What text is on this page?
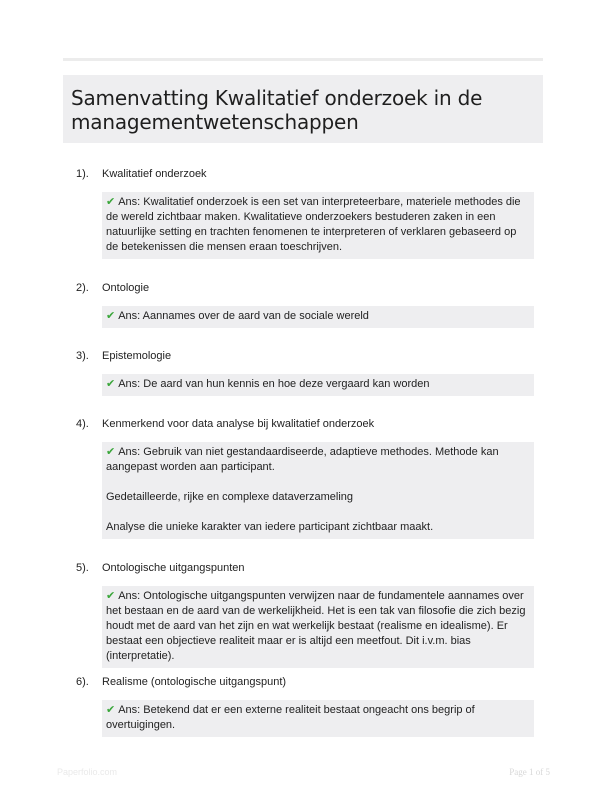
Samenvatting Kwalitatief onderzoek in de managementwetenschappen
1). Kwalitatief onderzoek

✔ Ans: Kwalitatief onderzoek is een set van interpreteerbare, materiele methodes die de wereld zichtbaar maken. Kwalitatieve onderzoekers bestuderen zaken in een natuurlijke setting en trachten fenomenen te interpreteren of verklaren gebaseerd op de betekenissen die mensen eraan toeschrijven.

2). Ontologie

✔ Ans: Aannames over de aard van de sociale wereld

3). Epistemologie

✔ Ans: De aard van hun kennis en hoe deze vergaard kan worden

4). Kenmerkend voor data analyse bij kwalitatief onderzoek

✔ Ans: Gebruik van niet gestandaardiseerde, adaptieve methodes. Methode kan aangepast worden aan participant.

Gedetailleerde, rijke en complexe dataverzameling

Analyse die unieke karakter van iedere participant zichtbaar maakt.

5). Ontologische uitgangspunten

✔ Ans: Ontologische uitgangspunten verwijzen naar de fundamentele aannames over het bestaan en de aard van de werkelijkheid. Het is een tak van filosofie die zich bezig houdt met de aard van het zijn en wat werkelijk bestaat (realisme en idealisme). Er bestaat een objectieve realiteit maar er is altijd een meetfout. Dit i.v.m. bias (interpretatie).

6). Realisme (ontologische uitgangspunt)

✔ Ans: Betekend dat er een externe realiteit bestaat ongeacht ons begrip of overtuigingen.

Paperfolio.com	Page 1 of 5
